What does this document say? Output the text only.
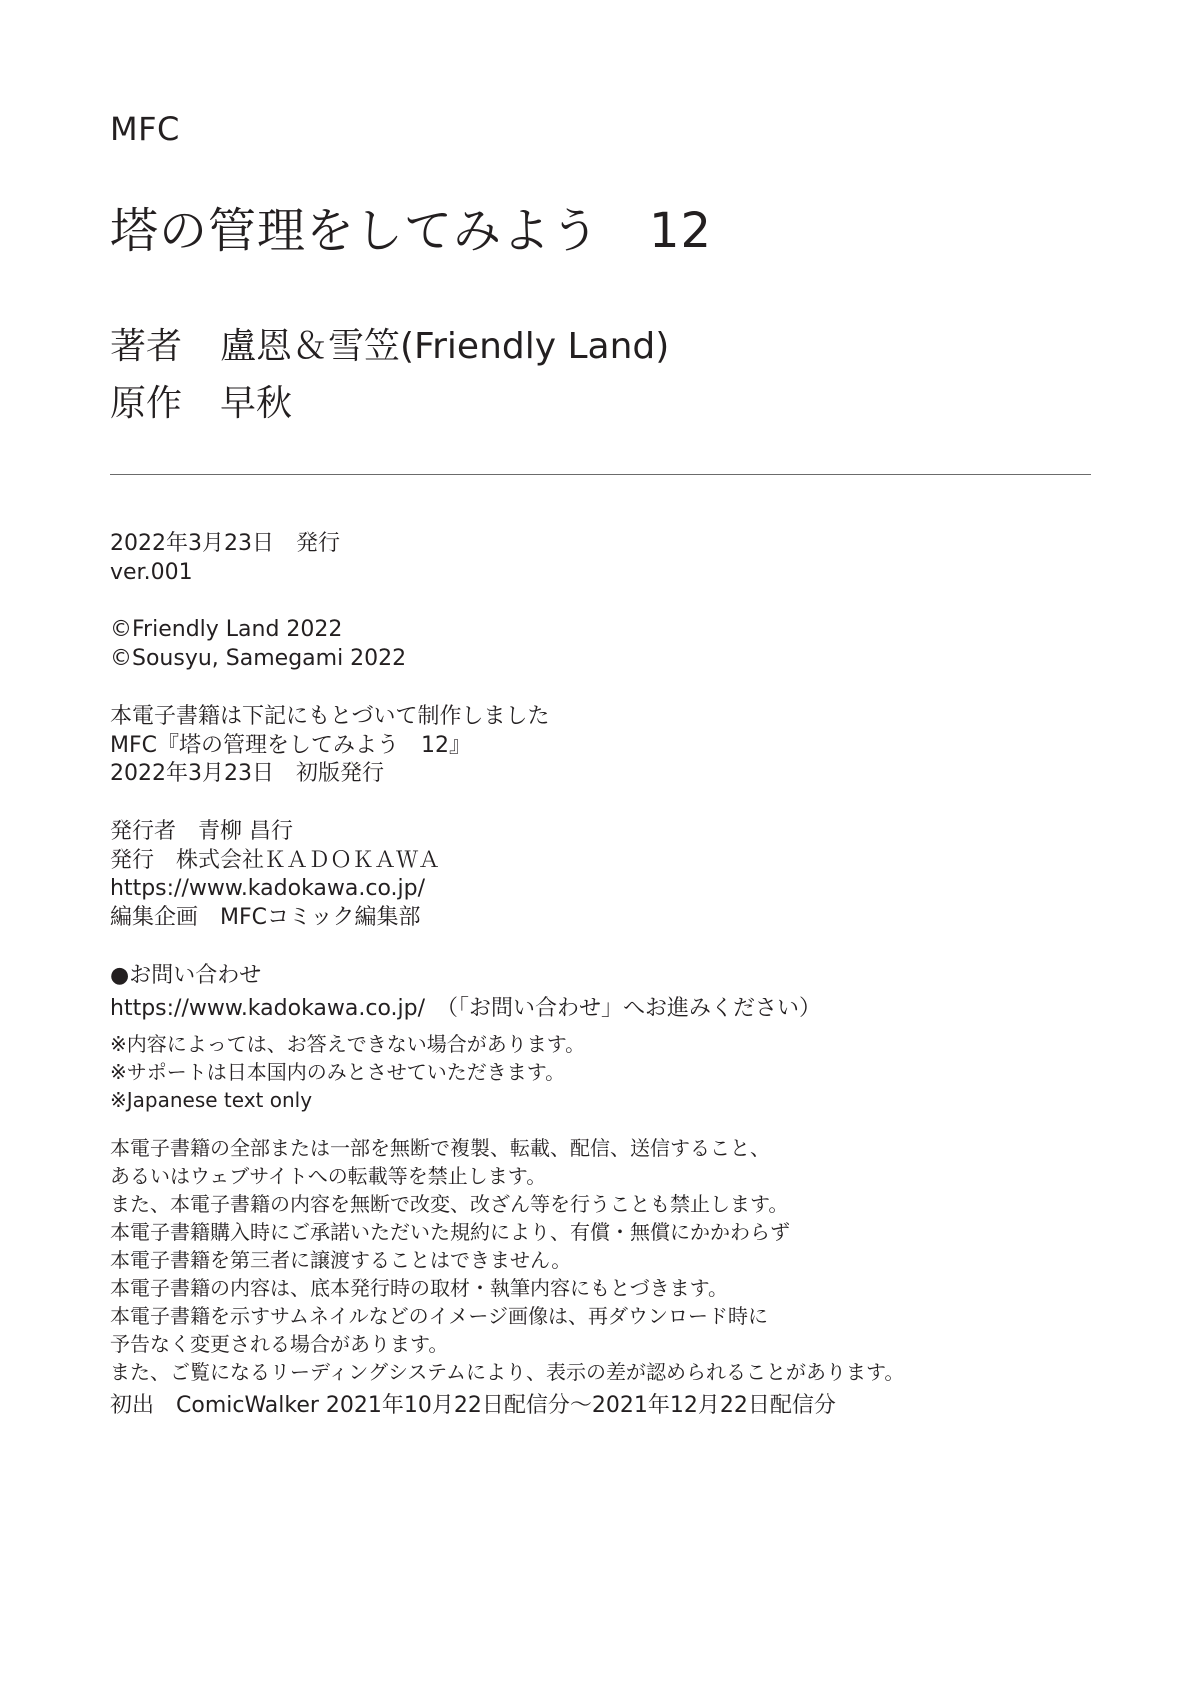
MFC

塔の管理をしてみよう　12

著者 盧恩＆雪笠(Friendly Land)

原作 早秋

2022年3月23日　発行
ver.001
©Friendly Land 2022
©Sousyu, Samegami 2022
本電子書籍は下記にもとづいて制作しました
MFC『塔の管理をしてみよう　12』
2022年3月23日　初版発行
発行者　青柳 昌行
発行　株式会社ＫＡＤＯＫＡＷＡ
https://www.kadokawa.co.jp/
編集企画　MFCコミック編集部
●お問い合わせ
https://www.kadokawa.co.jp/　（「お問い合わせ」へお進みください）
※内容によっては、お答えできない場合があります。
※サポートは日本国内のみとさせていただきます。
※Japanese text only
本電子書籍の全部または一部を無断で複製、転載、配信、送信すること、
あるいはウェブサイトへの転載等を禁止します。
また、本電子書籍の内容を無断で改変、改ざん等を行うことも禁止します。
本電子書籍購入時にご承諾いただいた規約により、有償・無償にかかわらず
本電子書籍を第三者に譲渡することはできません。
本電子書籍の内容は、底本発行時の取材・執筆内容にもとづきます。
本電子書籍を示すサムネイルなどのイメージ画像は、再ダウンロード時に
予告なく変更される場合があります。
また、ご覧になるリーディングシステムにより、表示の差が認められることがあります。

初出　ComicWalker 2021年10月22日配信分～2021年12月22日配信分
